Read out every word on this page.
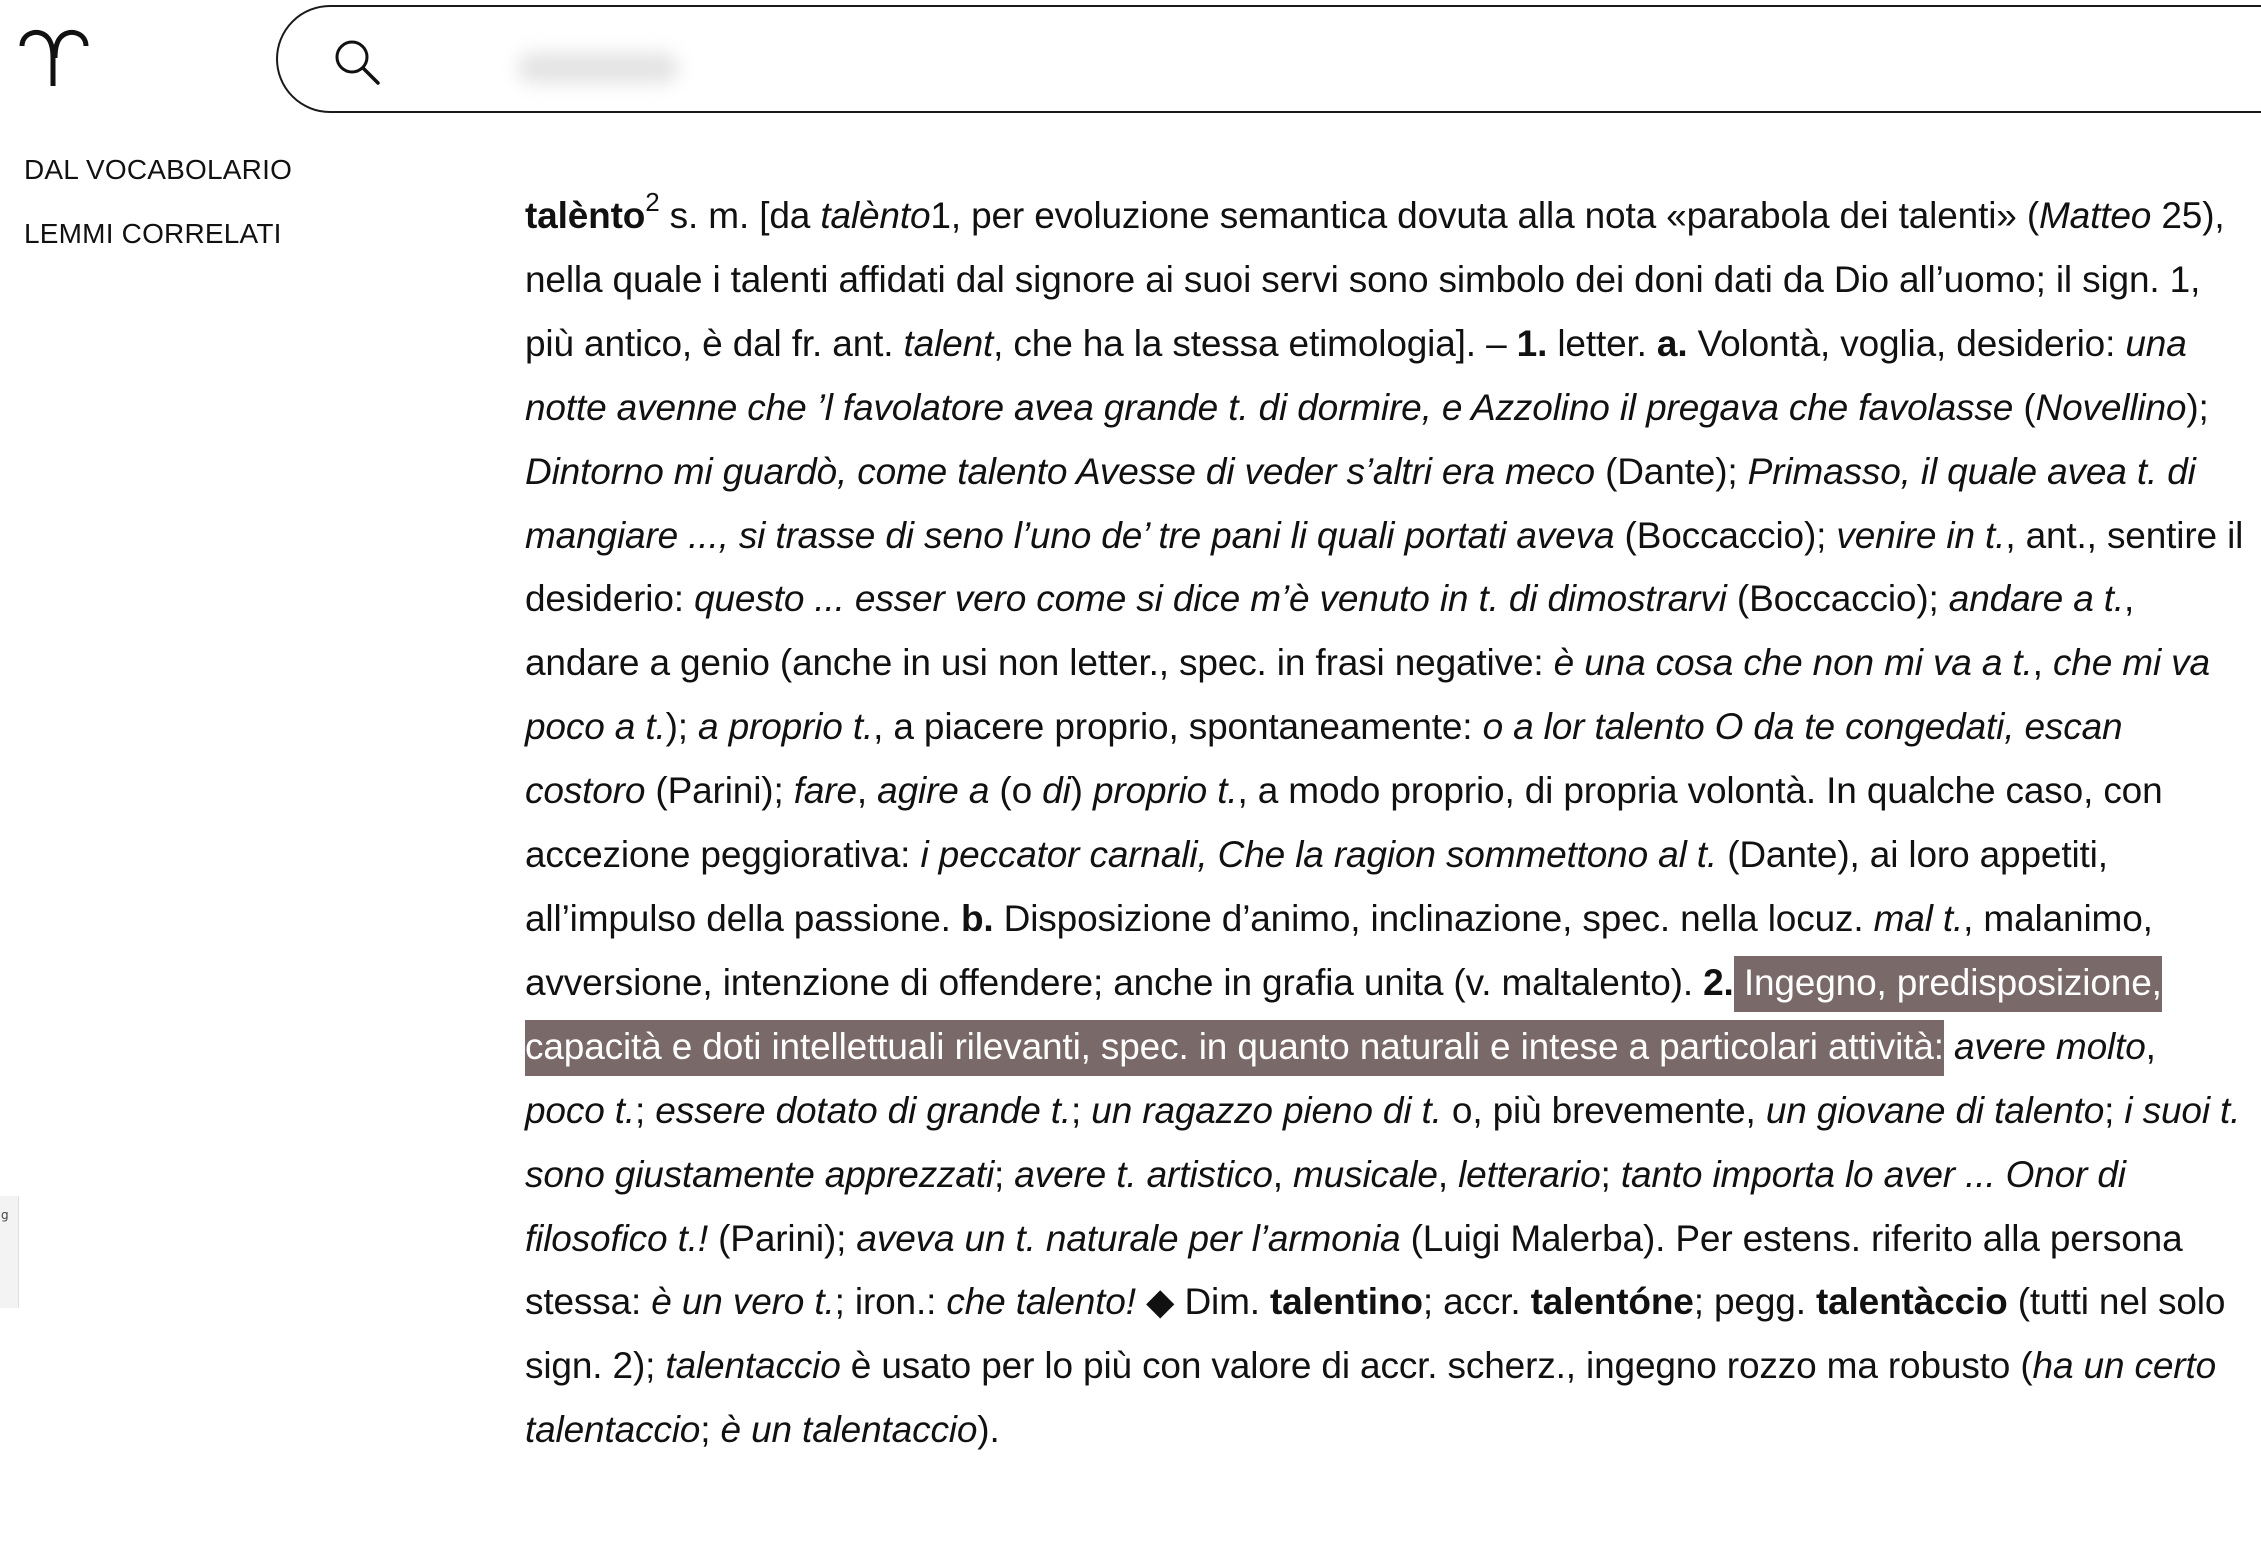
DAL VOCABOLARIO
LEMMI CORRELATI
g

talènto$^2$ s. m. [da talènto1, per evoluzione semantica dovuta alla nota «parabola dei talenti» (Matteo 25), nella quale i talenti affidati dal signore ai suoi servi sono simbolo dei doni dati da Dio all’uomo; il sign. 1, più antico, è dal fr. ant. talent, che ha la stessa etimologia]. – 1. letter. a. Volontà, voglia, desiderio: una notte avenne che ’l favolatore avea grande t. di dormire, e Azzolino il pregava che favolasse (Novellino); Dintorno mi guardò, come talento Avesse di veder s’altri era meco (Dante); Primasso, il quale avea t. di mangiare ..., si trasse di seno l’uno de’ tre pani li quali portati aveva (Boccaccio); venire in t., ant., sentire il desiderio: questo ... esser vero come si dice m’è venuto in t. di dimostrarvi (Boccaccio); andare a t., andare a genio (anche in usi non letter., spec. in frasi negative: è una cosa che non mi va a t., che mi va poco a t.); a proprio t., a piacere proprio, spontaneamente: o a lor talento O da te congedati, escan costoro (Parini); fare, agire a (o di) proprio t., a modo proprio, di propria volontà. In qualche caso, con accezione peggiorativa: i peccator carnali, Che la ragion sommettono al t. (Dante), ai loro appetiti, all’impulso della passione. b. Disposizione d’animo, inclinazione, spec. nella locuz. mal t., malanimo, avversione, intenzione di offendere; anche in grafia unita (v. maltalento). 2. Ingegno, predisposizione, capacità e doti intellettuali rilevanti, spec. in quanto naturali e intese a particolari attività: avere molto, poco t.; essere dotato di grande t.; un ragazzo pieno di t. o, più brevemente, un giovane di talento; i suoi t. sono giustamente apprezzati; avere t. artistico, musicale, letterario; tanto importa lo aver ... Onor di filosofico t.! (Parini); aveva un t. naturale per l’armonia (Luigi Malerba). Per estens. riferito alla persona stessa: è un vero t.; iron.: che talento! ◆ Dim. talentino; accr. talentóne; pegg. talentàccio (tutti nel solo sign. 2); talentaccio è usato per lo più con valore di accr. scherz., ingegno rozzo ma robusto (ha un certo talentaccio; è un talentaccio).
